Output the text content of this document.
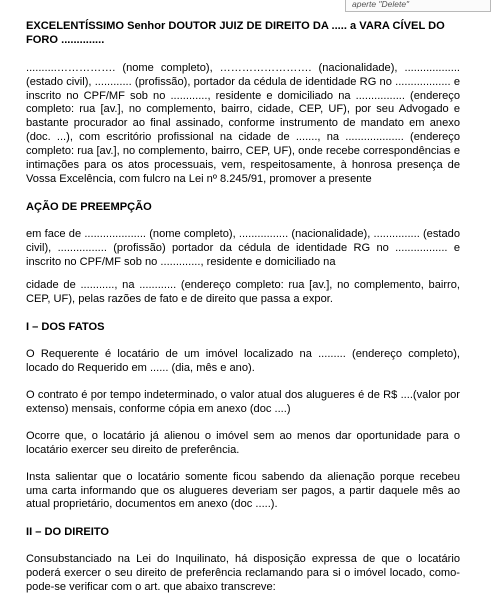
aperte "Delete"

EXCELENTÍSSIMO Senhor DOUTOR JUIZ DE DIREITO DA ..... a VARA CÍVEL DO FORO ..............

..........……………. (nome completo), ……………………. (nacionalidade), .................. (estado civil), ............ (profissão), portador da cédula de identidade RG no .................. e inscrito no CPF/MF sob no ............, residente e domiciliado na ................ (endereço completo: rua [av.], no complemento, bairro, cidade, CEP, UF), por seu Advogado e bastante procurador ao final assinado, conforme instrumento de mandato em anexo (doc. ...), com escritório profissional na cidade de ......., na ................... (endereço completo: rua [av.], no complemento, bairro, CEP, UF), onde recebe correspondências e intimações para os atos processuais, vem, respeitosamente, à honrosa presença de Vossa Excelência, com fulcro na Lei nº 8.245/91, promover a presente

AÇÃO DE PREEMPÇÃO

em face de .................... (nome completo), ................ (nacionalidade), ............... (estado civil), ................ (profissão) portador da cédula de identidade RG no ................. e inscrito no CPF/MF sob no ............., residente e domiciliado na

cidade de ..........., na ............ (endereço completo: rua [av.], no complemento, bairro, CEP, UF), pelas razões de fato e de direito que passa a expor.

I – DOS FATOS

O Requerente é locatário de um imóvel localizado na ......... (endereço completo), locado do Requerido em ...... (dia, mês e ano).

O contrato é por tempo indeterminado, o valor atual dos alugueres é de R$ ....(valor por extenso) mensais, conforme cópia em anexo (doc ....)

Ocorre que, o locatário já alienou o imóvel sem ao menos dar oportunidade para o locatário exercer seu direito de preferência.

Insta salientar que o locatário somente ficou sabendo da alienação porque recebeu uma carta informando que os alugueres deveriam ser pagos, a partir daquele mês ao atual proprietário, documentos em anexo (doc .....).

II – DO DIREITO

Consubstanciado na Lei do Inquilinato, há disposição expressa de que o locatário poderá exercer o seu direito de preferência reclamando para si o imóvel locado, como-pode-se verificar com o art. que abaixo transcreve:
